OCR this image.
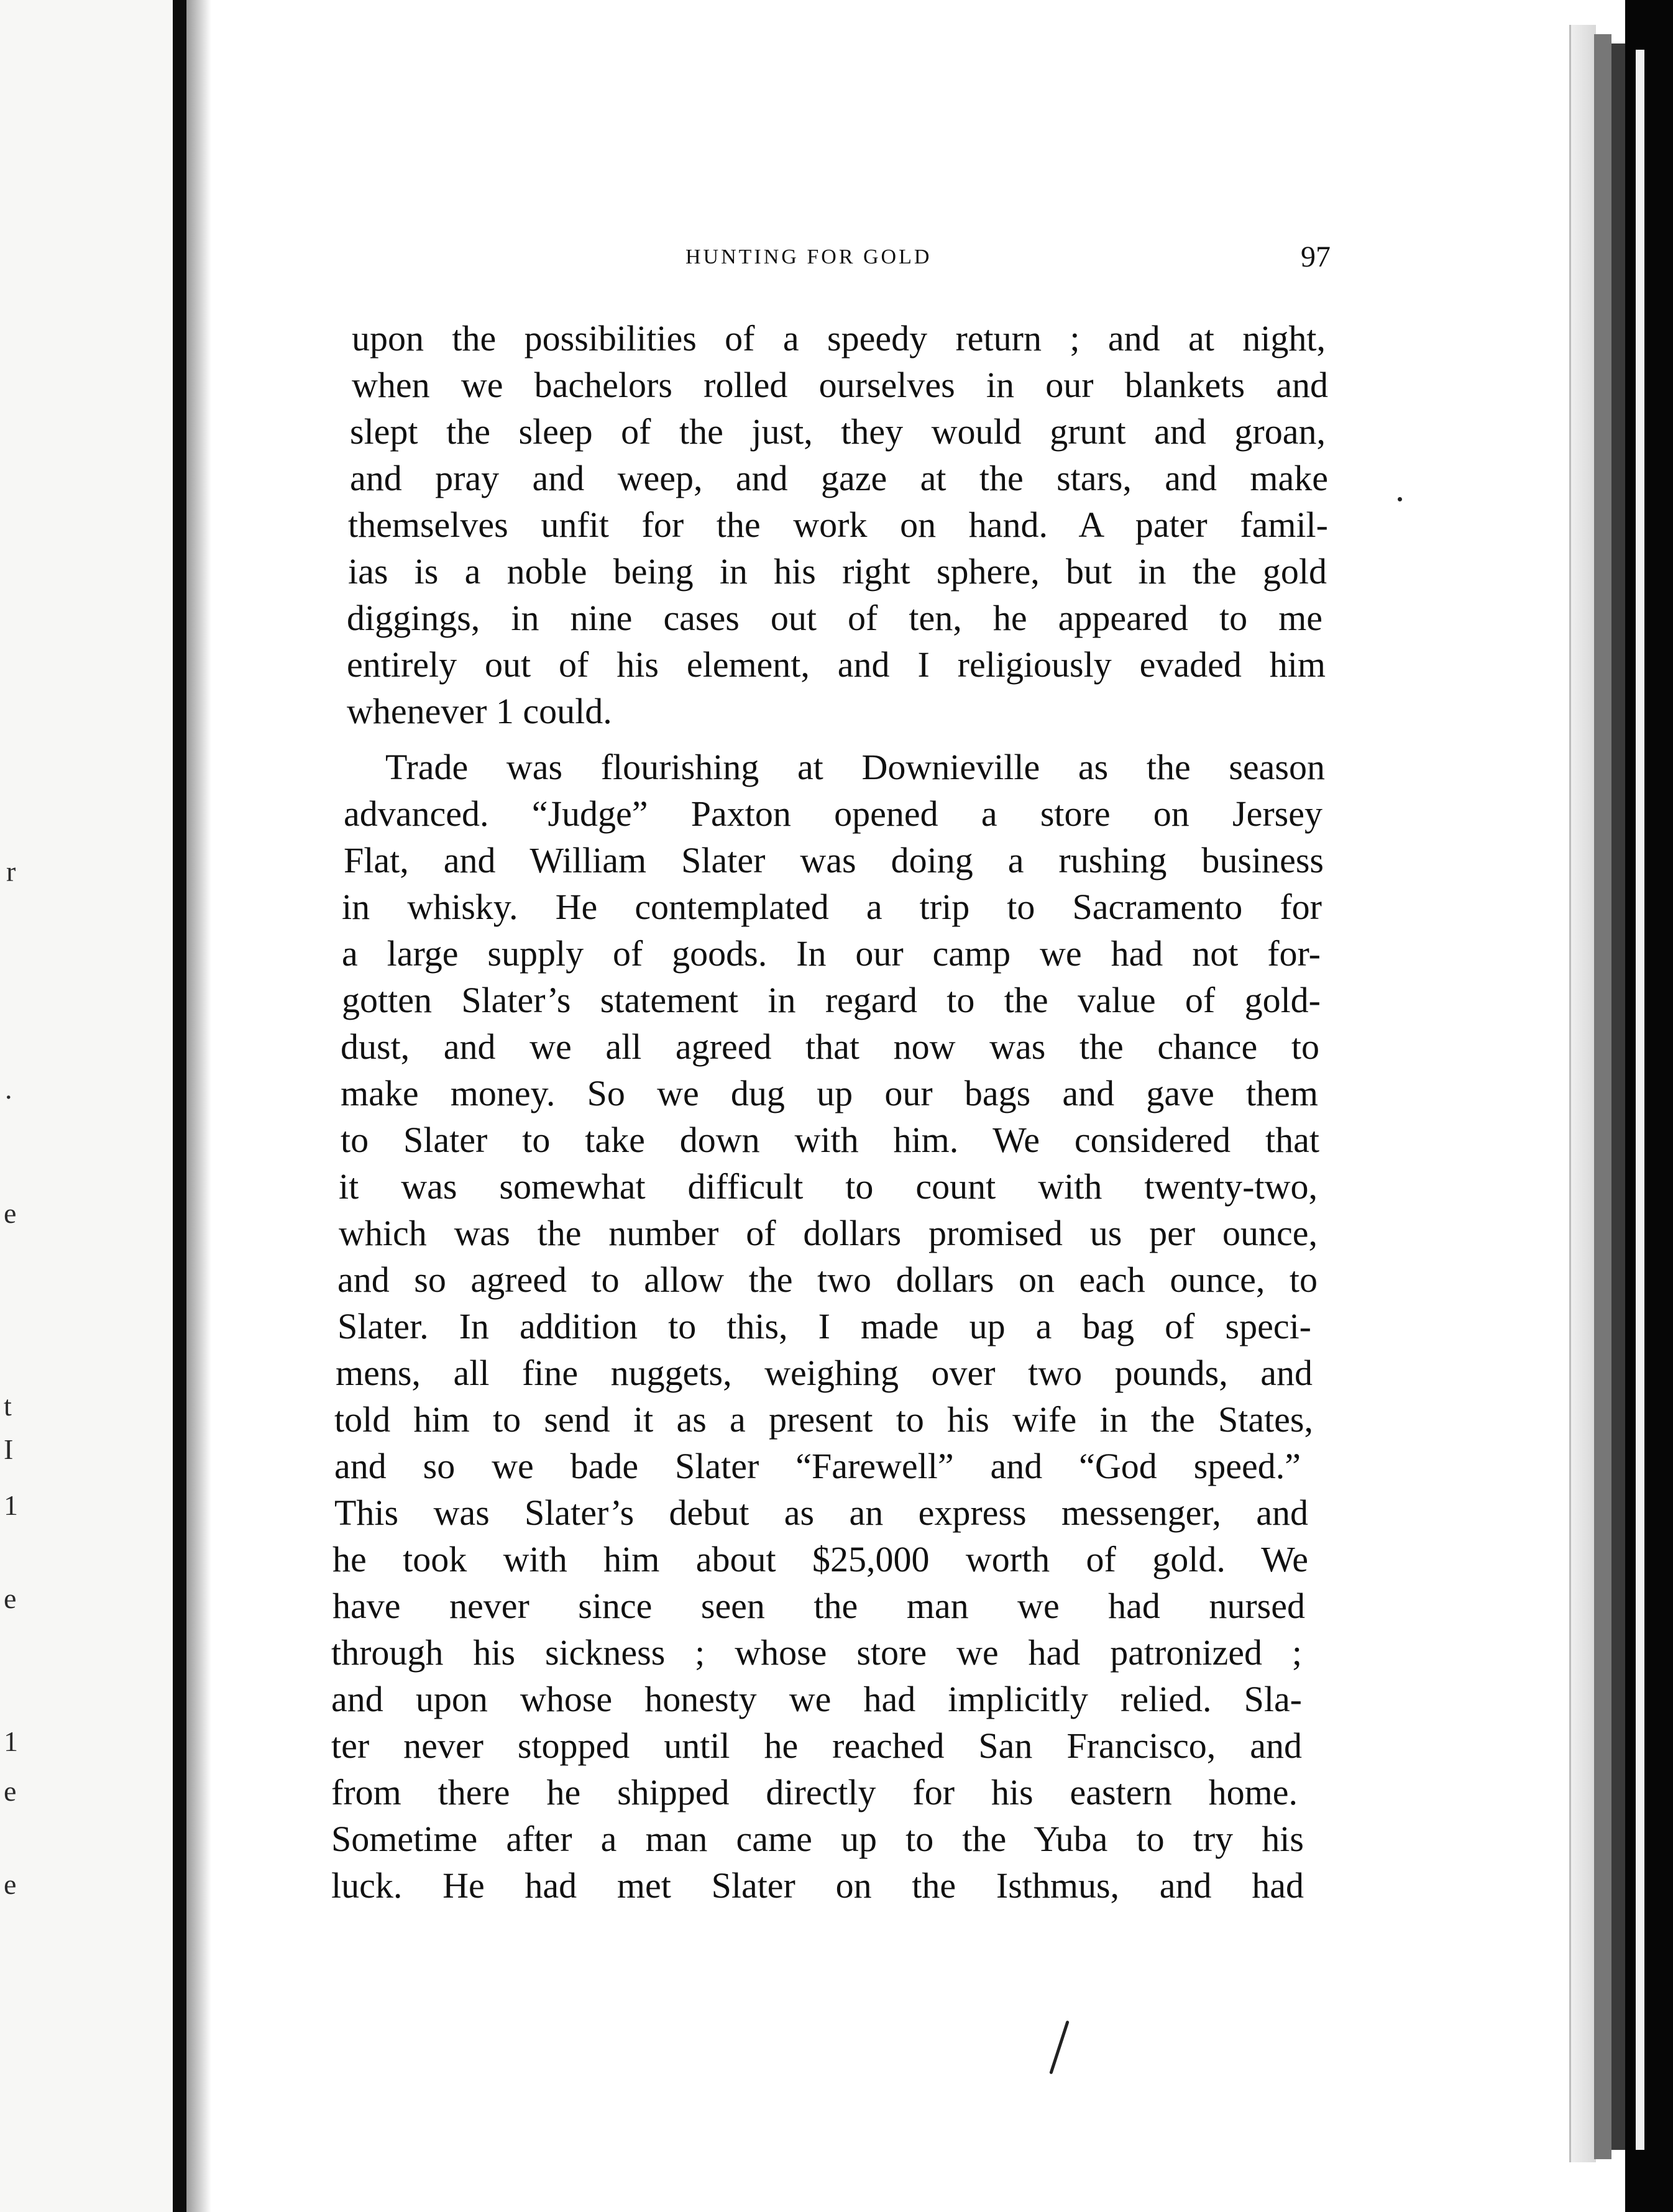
r
.
e
t
I
1
e
1
e
e
HUNTING FOR GOLD	97
upon the possibilities of a speedy return ; and at night,
when we bachelors rolled ourselves in our blankets and
slept the sleep of the just, they would grunt and groan,
and pray and weep, and gaze at the stars, and make
themselves unfit for the work on hand. A pater famil-
ias is a noble being in his right sphere, but in the gold
diggings, in nine cases out of ten, he appeared to me
entirely out of his element, and I religiously evaded him
whenever 1 could.
Trade was flourishing at Downieville as the season
advanced. “Judge” Paxton opened a store on Jersey
Flat, and William Slater was doing a rushing business
in whisky. He contemplated a trip to Sacramento for
a large supply of goods. In our camp we had not for-
gotten Slater’s statement in regard to the value of gold-
dust, and we all agreed that now was the chance to
make money. So we dug up our bags and gave them
to Slater to take down with him. We considered that
it was somewhat difficult to count with twenty-two,
which was the number of dollars promised us per ounce,
and so agreed to allow the two dollars on each ounce, to
Slater. In addition to this, I made up a bag of speci-
mens, all fine nuggets, weighing over two pounds, and
told him to send it as a present to his wife in the States,
and so we bade Slater “Farewell” and “God speed.”
This was Slater’s debut as an express messenger, and
he took with him about $25,000 worth of gold. We
have never since seen the man we had nursed
through his sickness ; whose store we had patronized ;
and upon whose honesty we had implicitly relied. Sla-
ter never stopped until he reached San Francisco, and
from there he shipped directly for his eastern home.
Sometime after a man came up to the Yuba to try his
luck. He had met Slater on the Isthmus, and had
